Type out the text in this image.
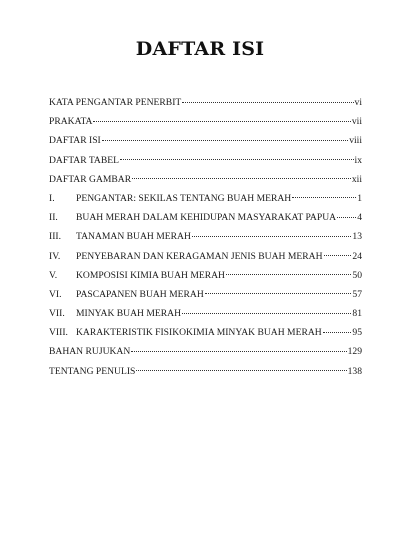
DAFTAR ISI
KATA PENGANTAR PENERBIT	vi
PRAKATA	vii
DAFTAR ISI	viii
DAFTAR TABEL	ix
DAFTAR GAMBAR	xii
I.	PENGANTAR: SEKILAS TENTANG BUAH MERAH	1
II.	BUAH MERAH DALAM KEHIDUPAN MASYARAKAT PAPUA 4
III.	TANAMAN BUAH MERAH	13
IV.	PENYEBARAN DAN KERAGAMAN JENIS BUAH MERAH	24
V.	KOMPOSISI KIMIA BUAH MERAH	50
VI.	PASCAPANEN BUAH MERAH	57
VII.	MINYAK BUAH MERAH	81
VIII. KARAKTERISTIK FISIKOKIMIA MINYAK BUAH MERAH	95
BAHAN RUJUKAN	129
TENTANG PENULIS	138
